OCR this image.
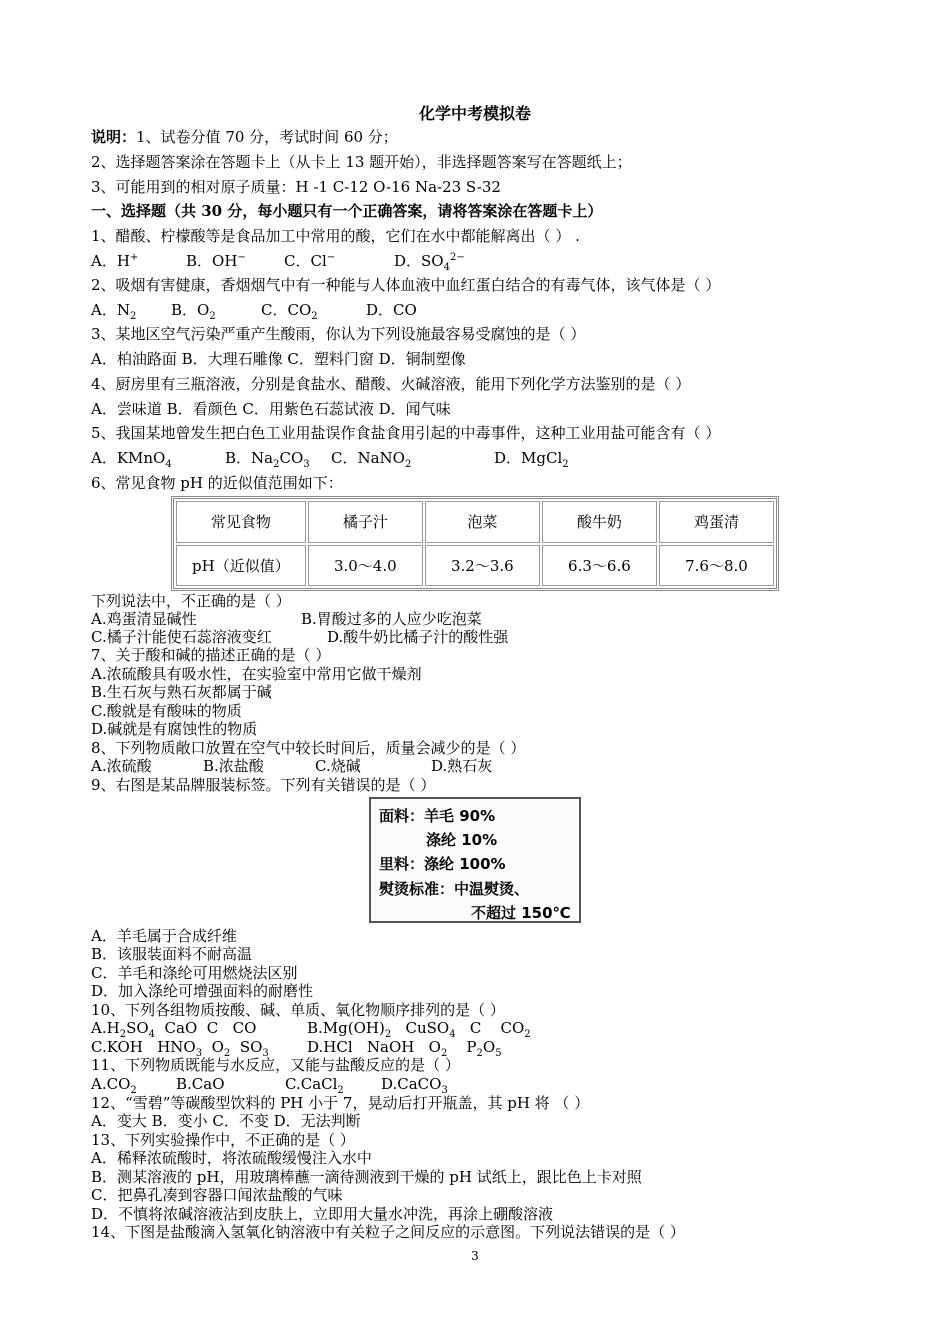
化学中考模拟卷
说明：1、试卷分值 70 分，考试时间 60 分；
2、选择题答案涂在答题卡上（从卡上 13 题开始），非选择题答案写在答题纸上；
3、可能用到的相对原子质量：H -1 C-12 O-16 Na-23 S-32
一、选择题（共 30 分，每小题只有一个正确答案，请将答案涂在答题卡上）
1、醋酸、柠檬酸等是食品加工中常用的酸，它们在水中都能解离出（ ） .
A．H+	B．OH−	C．Cl−	D．$SO_4^{2-}$
2、吸烟有害健康，香烟烟气中有一种能与人体血液中血红蛋白结合的有毒气体，该气体是（ ）
A．$N_2$ B．$O_2$	C．$CO_2$	D．CO
3、某地区空气污染严重产生酸雨，你认为下列设施最容易受腐蚀的是（ ）
A．柏油路面 B．大理石雕像 C．塑料门窗 D．铜制塑像
4、厨房里有三瓶溶液，分别是食盐水、醋酸、火碱溶液，能用下列化学方法鉴别的是（ ）
A．尝味道 B．看颜色 C．用紫色石蕊试液 D．闻气味
5、我国某地曾发生把白色工业用盐误作食盐食用引起的中毒事件，这种工业用盐可能含有（ ）
A．KMnO$_4$	B．$Na_2CO_3$ C．NaNO$_2$	D．MgCl$_2$
6、常见食物 pH 的近似值范围如下：
常见食物	橘子汁	泡菜	酸牛奶	鸡蛋清
pH（近似值）	3.0～4.0	3.2～3.6	6.3～6.6	7.6～8.0
下列说法中，不正确的是（ ）
A.鸡蛋清显碱性	B.胃酸过多的人应少吃泡菜
C.橘子汁能使石蕊溶液变红	D.酸牛奶比橘子汁的酸性强
7、关于酸和碱的描述正确的是（ ）
A.浓硫酸具有吸水性，在实验室中常用它做干燥剂
B.生石灰与熟石灰都属于碱
C.酸就是有酸味的物质
D.碱就是有腐蚀性的物质
8、下列物质敞口放置在空气中较长时间后，质量会减少的是（ ）
A.浓硫酸	B.浓盐酸	C.烧碱	D.熟石灰
9、右图是某品牌服装标签。下列有关错误的是（ ）
面料：羊毛 90%
涤纶 10%
里料：涤纶 100%
熨烫标准：中温熨烫、
不超过 150℃
A．羊毛属于合成纤维
B．该服装面料不耐高温
C．羊毛和涤纶可用燃烧法区别
D．加入涤纶可增强面料的耐磨性
10、下列各组物质按酸、碱、单质、氧化物顺序排列的是（ ）
$A.H_2SO_4$  CaO  C   CO	$B.Mg(OH)_2$   CuSO$_4$   C    $CO_2$
C.KOH   $HNO_3$  $O_2$  $SO_3$	D.HCl   NaOH   $O_2$    $P_2O_5$
11、下列物质既能与水反应，又能与盐酸反应的是（ ）
$A.CO_2$	B.CaO	C.CaCl$_2$ D.CaCO$_3$
12、“雪碧”等碳酸型饮料的 PH 小于 7，晃动后打开瓶盖，其 pH 将 （ ）
A．变大 B．变小 C．不变 D．无法判断
13、下列实验操作中，不正确的是（ ）
A．稀释浓硫酸时，将浓硫酸缓慢注入水中
B．测某溶液的 pH，用玻璃棒蘸一滴待测液到干燥的 pH 试纸上，跟比色上卡对照
C．把鼻孔凑到容器口闻浓盐酸的气味
D．不慎将浓碱溶液沾到皮肤上，立即用大量水冲洗，再涂上硼酸溶液
14、下图是盐酸滴入氢氧化钠溶液中有关粒子之间反应的示意图。下列说法错误的是（ ）
3
